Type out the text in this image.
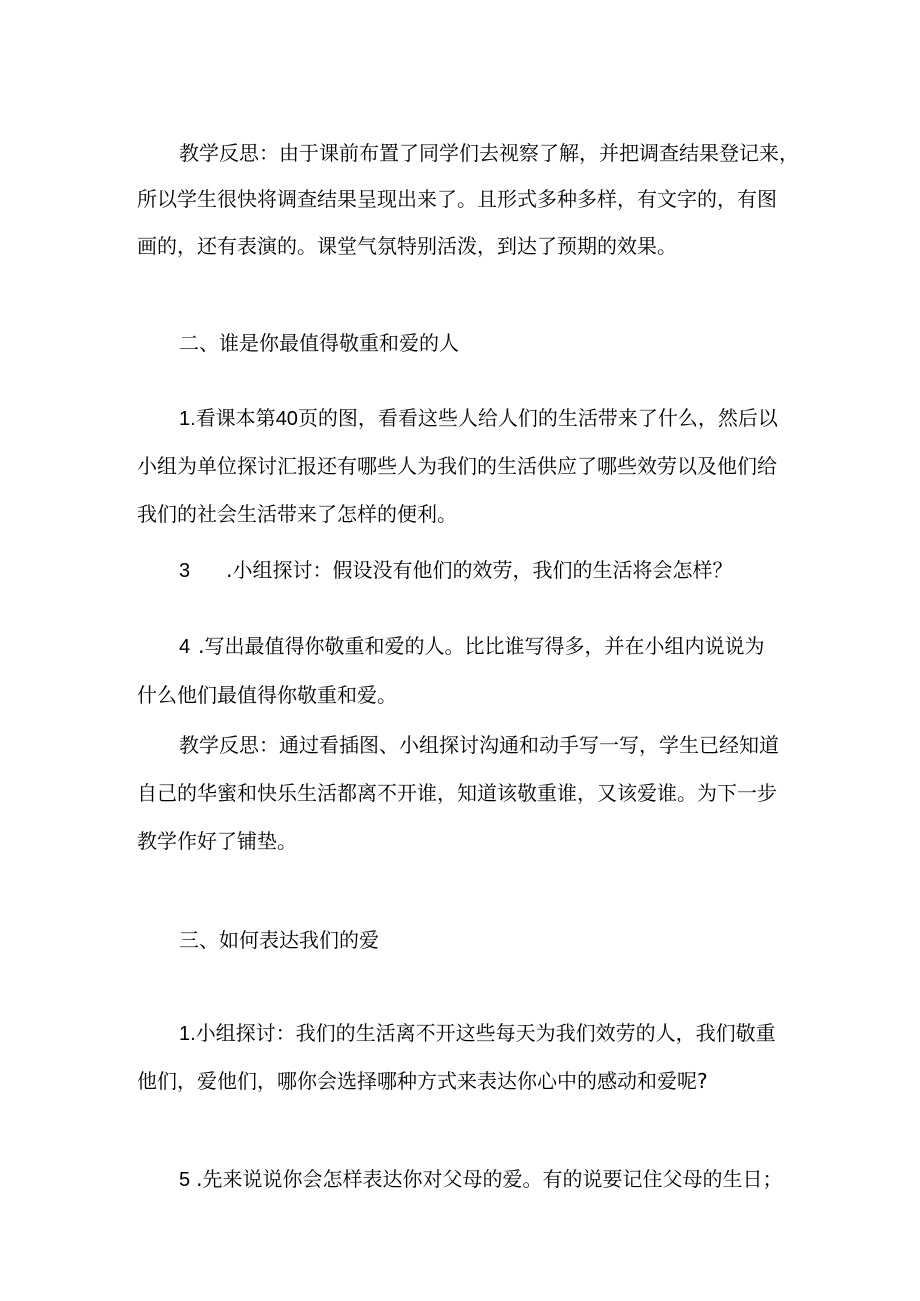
教学反思：由于课前布置了同学们去视察了解，并把调查结果登记来，
所以学生很快将调查结果呈现出来了。且形式多种多样，有文字的，有图
画的，还有表演的。课堂气氛特别活泼，到达了预期的效果。
二、谁是你最值得敬重和爱的人
1.看课本第40页的图，看看这些人给人们的生活带来了什么，然后以
小组为单位探讨汇报还有哪些人为我们的生活供应了哪些效劳以及他们给
我们的社会生活带来了怎样的便利。
3 .小组探讨：假设没有他们的效劳，我们的生活将会怎样？
4 .写出最值得你敬重和爱的人。比比谁写得多，并在小组内说说为
什么他们最值得你敬重和爱。
教学反思：通过看插图、小组探讨沟通和动手写一写，学生已经知道
自己的华蜜和快乐生活都离不开谁，知道该敬重谁，又该爱谁。为下一步
教学作好了铺垫。
三、如何表达我们的爱
1.小组探讨：我们的生活离不开这些每天为我们效劳的人，我们敬重
他们，爱他们，哪你会选择哪种方式来表达你心中的感动和爱呢?
5 .先来说说你会怎样表达你对父母的爱。有的说要记住父母的生日；
